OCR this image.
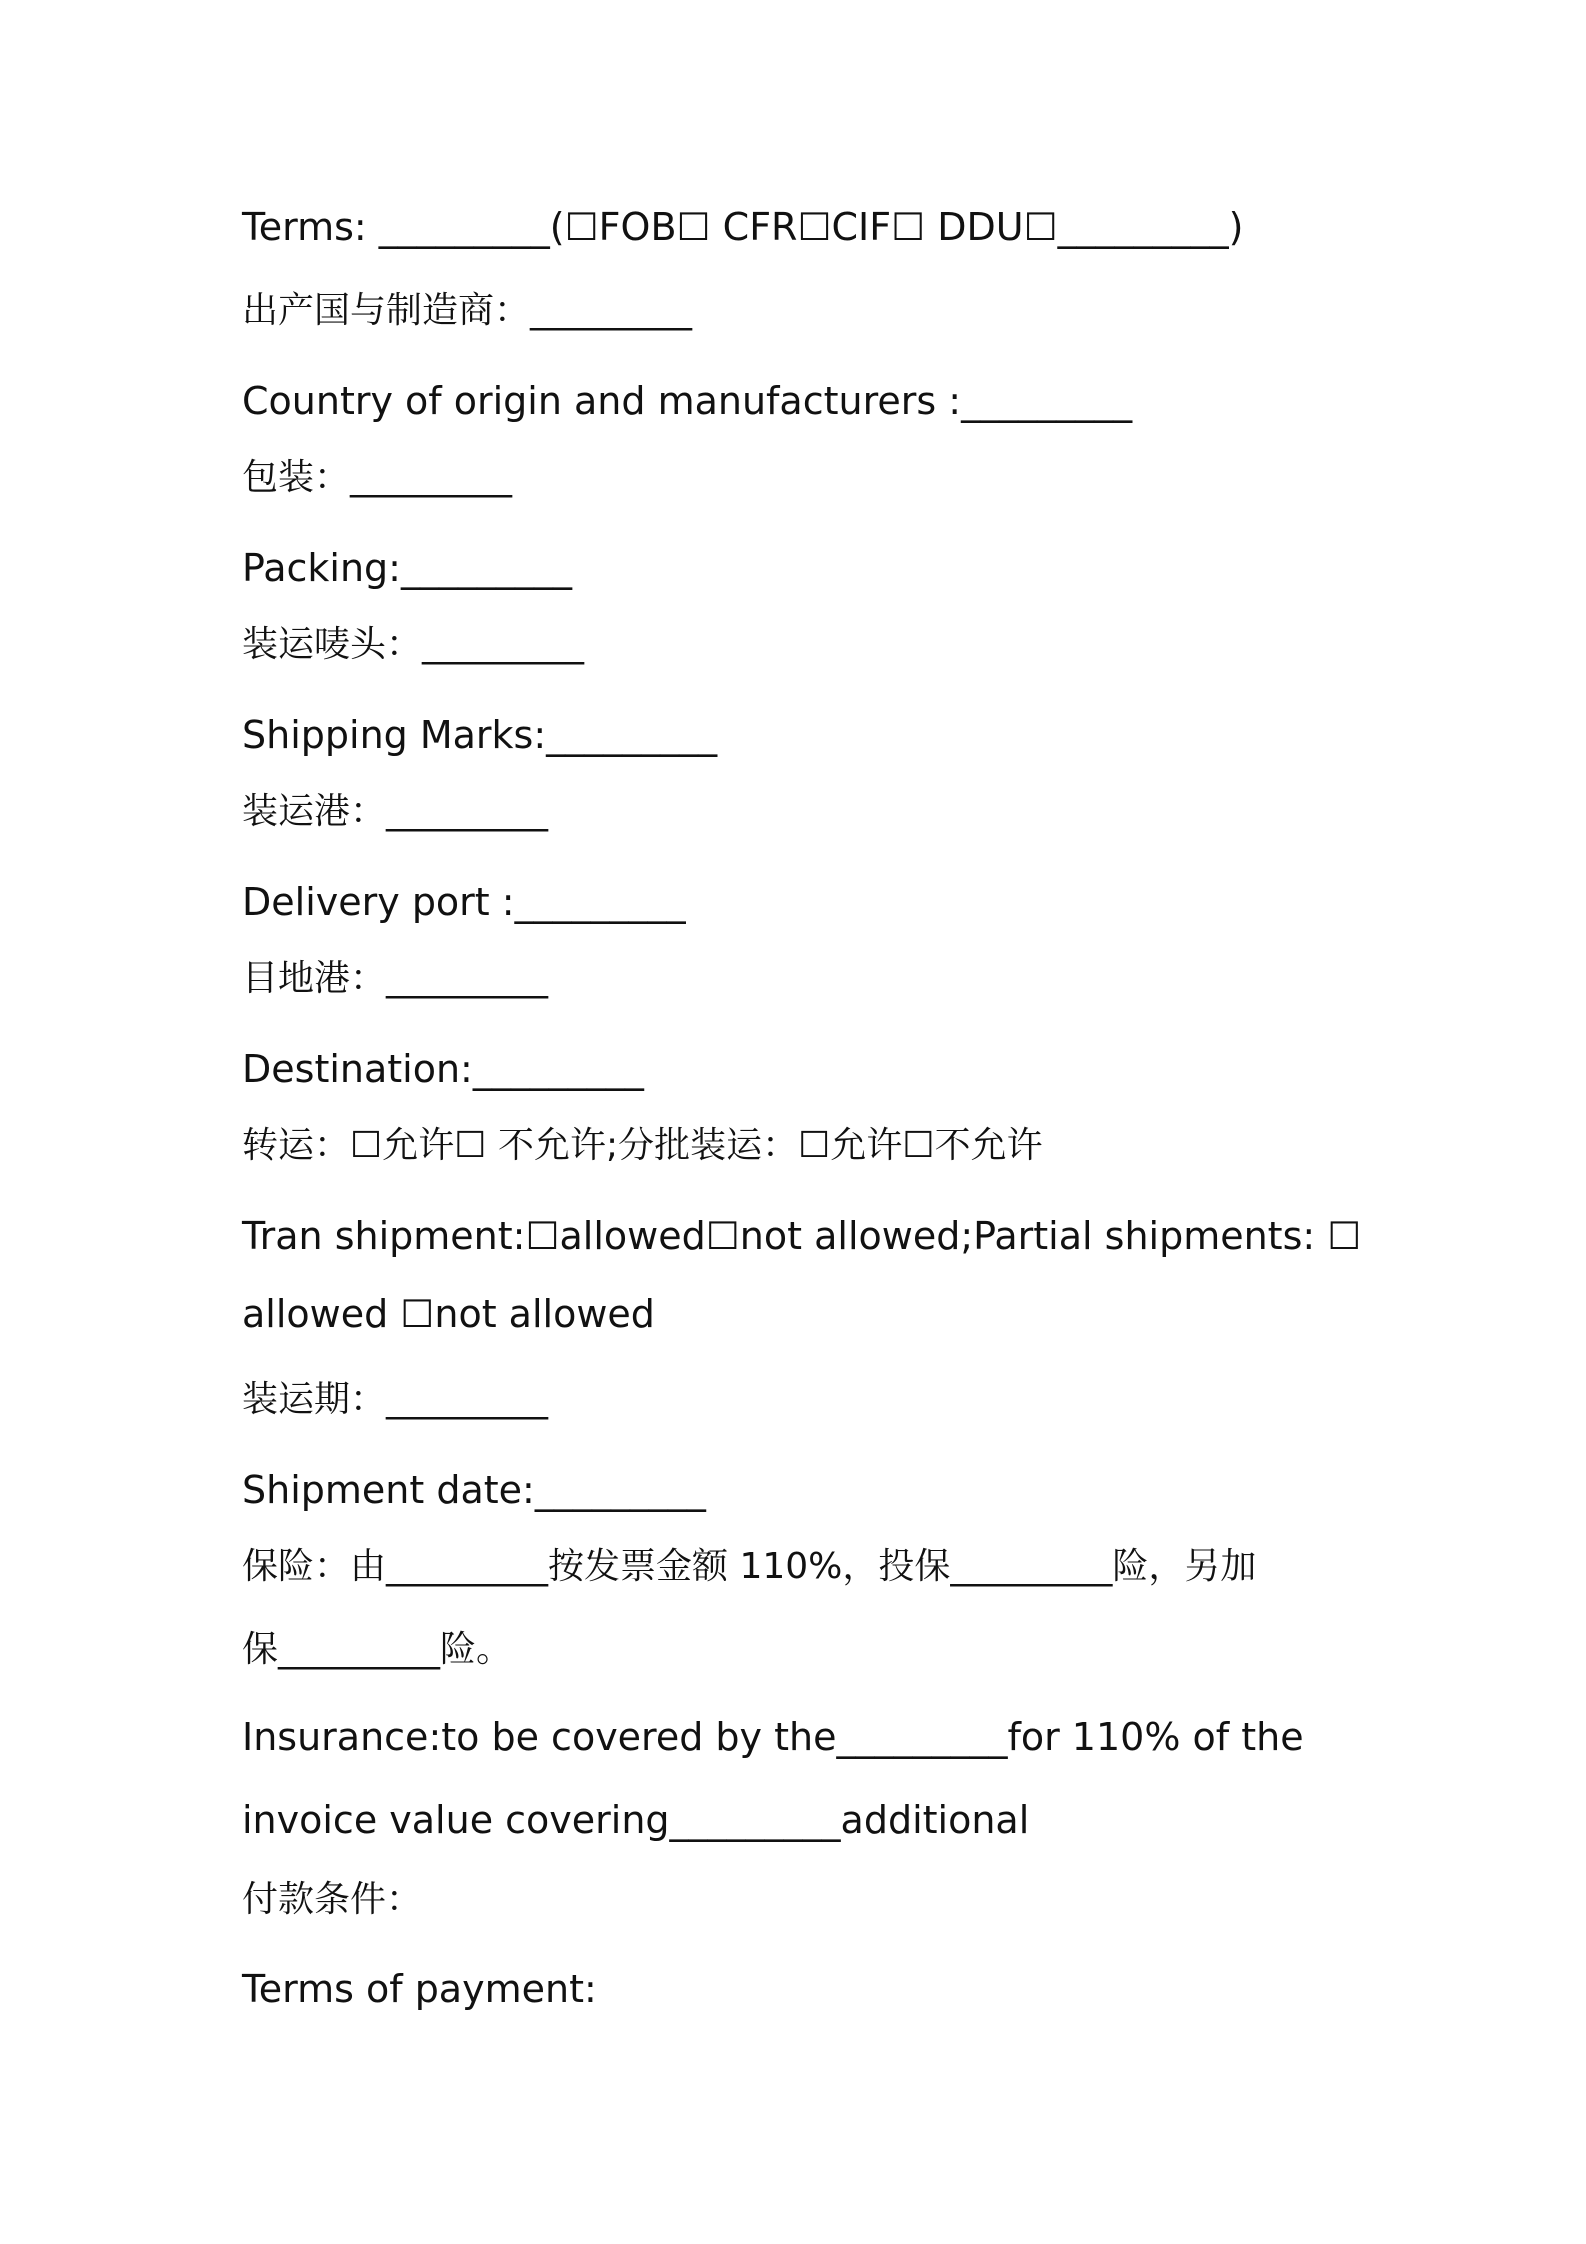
Terms: _________(☐FOB☐ CFR☐CIF☐ DDU☐_________)
出产国与制造商：_________
Country of origin and manufacturers :_________
包装：_________
Packing:_________
装运唛头：_________
Shipping Marks:_________
装运港：_________
Delivery port :_________
目地港：_________
Destination:_________
转运：☐允许☐ 不允许;分批装运：☐允许☐不允许
Tran shipment:☐allowed☐not allowed;Partial shipments: ☐
allowed ☐not allowed
装运期：_________
Shipment date:_________
保险：由_________按发票金额 110%，投保_________险，另加
保_________险。
Insurance:to be covered by the_________for 110% of the
invoice value covering_________additional
付款条件：
Terms of payment:
